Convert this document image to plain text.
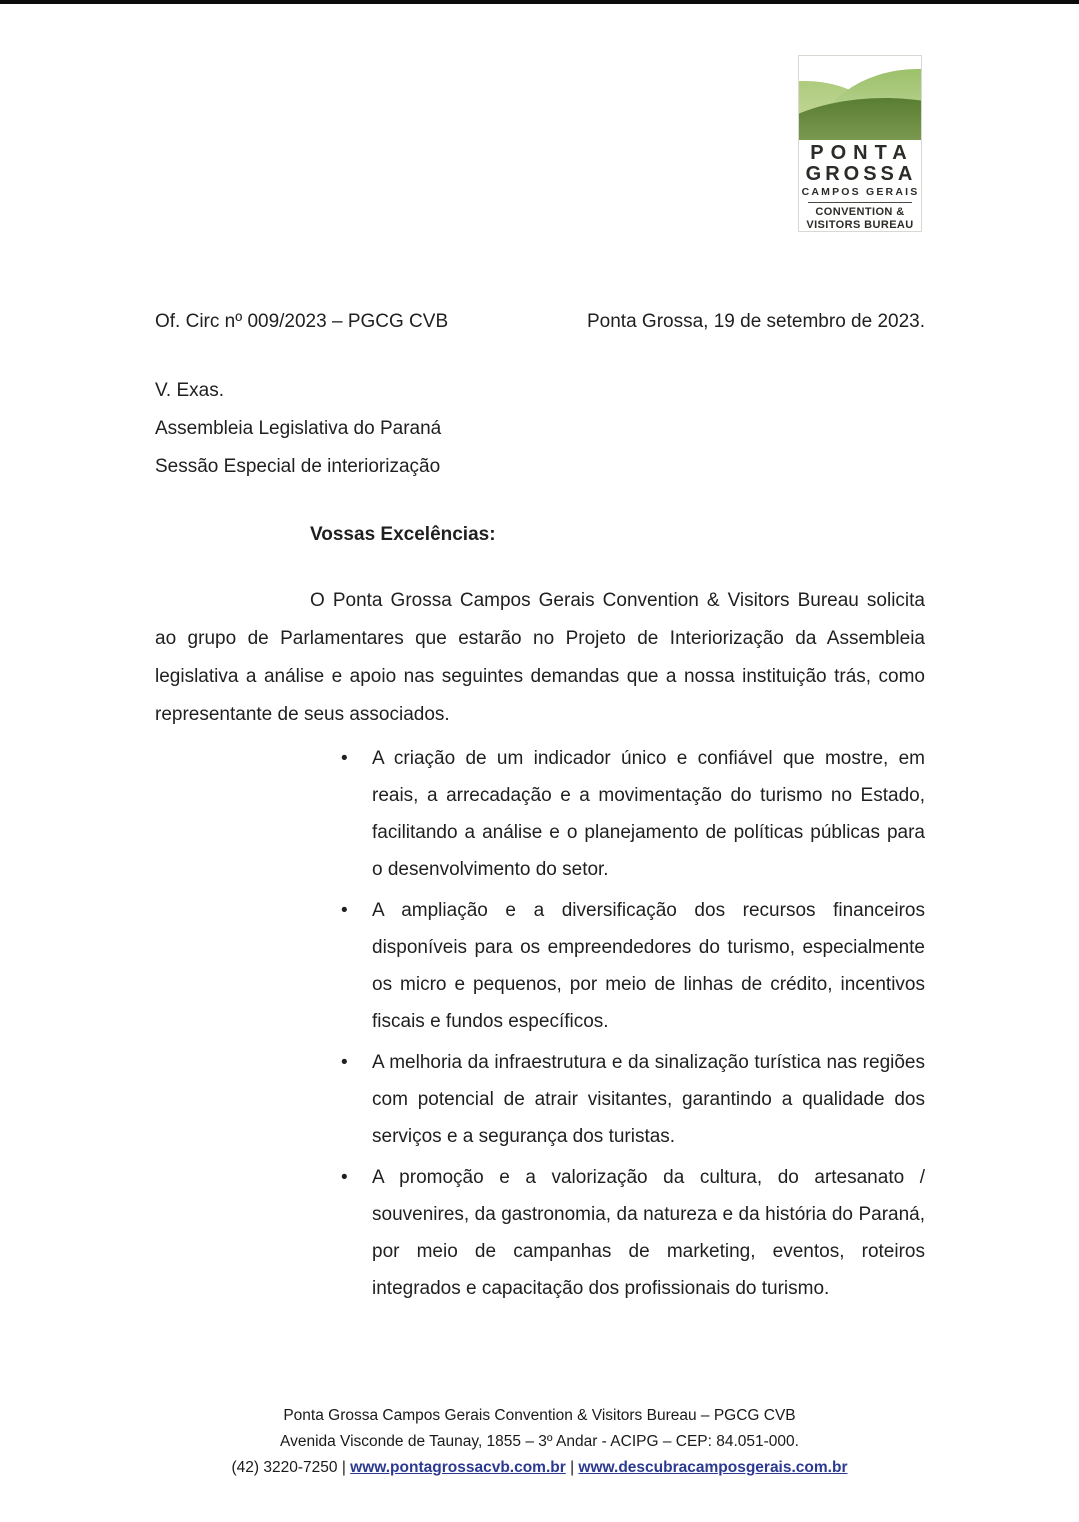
PONTA
GROSSA
CAMPOS GERAIS
CONVENTION &
VISITORS BUREAU
Of. Circ nº 009/2023 – PGCG CVB	Ponta Grossa, 19 de setembro de 2023.
V. Exas.
Assembleia Legislativa do Paraná
Sessão Especial de interiorização
Vossas Excelências:

O Ponta Grossa Campos Gerais Convention & Visitors Bureau solicita ao grupo de Parlamentares que estarão no Projeto de Interiorização da Assembleia legislativa a análise e apoio nas seguintes demandas que a nossa instituição trás, como representante de seus associados.

• A criação de um indicador único e confiável que mostre, em reais, a arrecadação e a movimentação do turismo no Estado, facilitando a análise e o planejamento de políticas públicas para o desenvolvimento do setor.
• A ampliação e a diversificação dos recursos financeiros disponíveis para os empreendedores do turismo, especialmente os micro e pequenos, por meio de linhas de crédito, incentivos fiscais e fundos específicos.
• A melhoria da infraestrutura e da sinalização turística nas regiões com potencial de atrair visitantes, garantindo a qualidade dos serviços e a segurança dos turistas.
• A promoção e a valorização da cultura, do artesanato / souvenires, da gastronomia, da natureza e da história do Paraná, por meio de campanhas de marketing, eventos, roteiros integrados e capacitação dos profissionais do turismo.
Ponta Grossa Campos Gerais Convention & Visitors Bureau – PGCG CVB
Avenida Visconde de Taunay, 1855 – 3º Andar - ACIPG – CEP: 84.051-000.
(42) 3220-7250 | www.pontagrossacvb.com.br | www.descubracamposgerais.com.br
